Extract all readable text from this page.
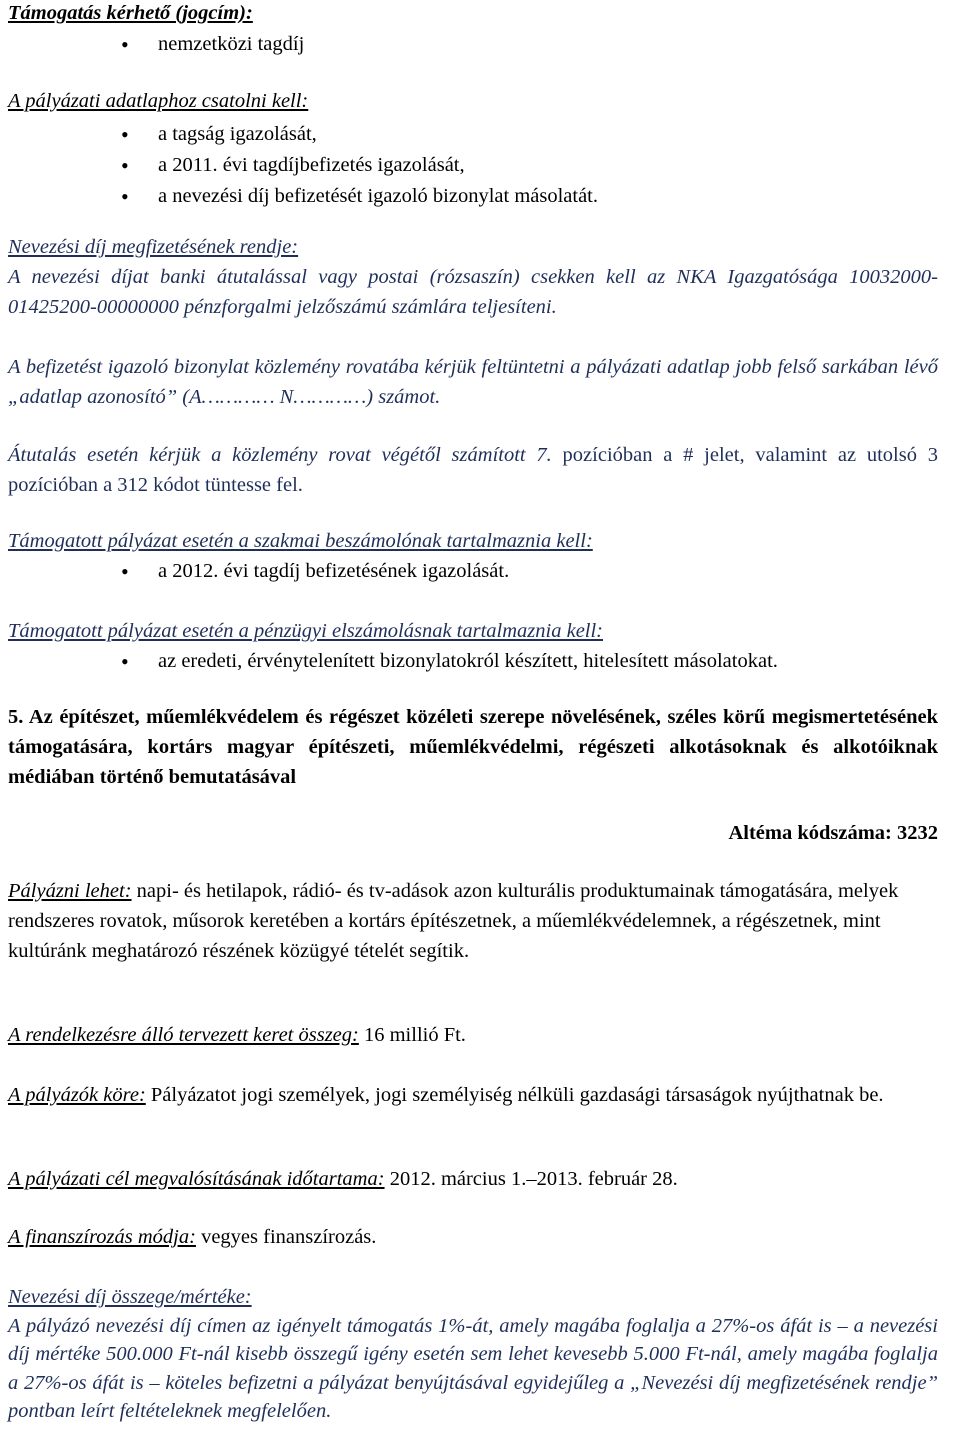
Támogatás kérhető (jogcím):

• nemzetközi tagdíj

A pályázati adatlaphoz csatolni kell:

• a tagság igazolását,
• a 2011. évi tagdíjbefizetés igazolását,
• a nevezési díj befizetését igazoló bizonylat másolatát.

Nevezési díj megfizetésének rendje:

A nevezési díjat banki átutalással vagy postai (rózsaszín) csekken kell az NKA Igazgatósága 10032000-01425200-00000000 pénzforgalmi jelzőszámú számlára teljesíteni.

A befizetést igazoló bizonylat közlemény rovatába kérjük feltüntetni a pályázati adatlap jobb felső sarkában lévő „adatlap azonosító” (A………… N…………) számot.

Átutalás esetén kérjük a közlemény rovat végétől számított 7. pozícióban a # jelet, valamint az utolsó 3 pozícióban a 312 kódot tüntesse fel.

Támogatott pályázat esetén a szakmai beszámolónak tartalmaznia kell:

• a 2012. évi tagdíj befizetésének igazolását.

Támogatott pályázat esetén a pénzügyi elszámolásnak tartalmaznia kell:

• az eredeti, érvénytelenített bizonylatokról készített, hitelesített másolatokat.

5. Az építészet, műemlékvédelem és régészet közéleti szerepe növelésének, széles körű megismertetésének támogatására, kortárs magyar építészeti, műemlékvédelmi, régészeti alkotásoknak és alkotóiknak médiában történő bemutatásával

Altéma kódszáma: 3232

Pályázni lehet: napi- és hetilapok, rádió- és tv-adások azon kulturális produktumainak támogatására, melyek rendszeres rovatok, műsorok keretében a kortárs építészetnek, a műemlékvédelemnek, a régészetnek, mint kultúránk meghatározó részének közügyé tételét segítik.

A rendelkezésre álló tervezett keret összeg: 16 millió Ft.

A pályázók köre: Pályázatot jogi személyek, jogi személyiség nélküli gazdasági társaságok nyújthatnak be.

A pályázati cél megvalósításának időtartama: 2012. március 1.–2013. február 28.

A finanszírozás módja: vegyes finanszírozás.

Nevezési díj összege/mértéke:

A pályázó nevezési díj címen az igényelt támogatás 1%-át, amely magába foglalja a 27%-os áfát is – a nevezési díj mértéke 500.000 Ft-nál kisebb összegű igény esetén sem lehet kevesebb 5.000 Ft-nál, amely magába foglalja a 27%-os áfát is – köteles befizetni a pályázat benyújtásával egyidejűleg a „Nevezési díj megfizetésének rendje” pontban leírt feltételeknek megfelelően.
